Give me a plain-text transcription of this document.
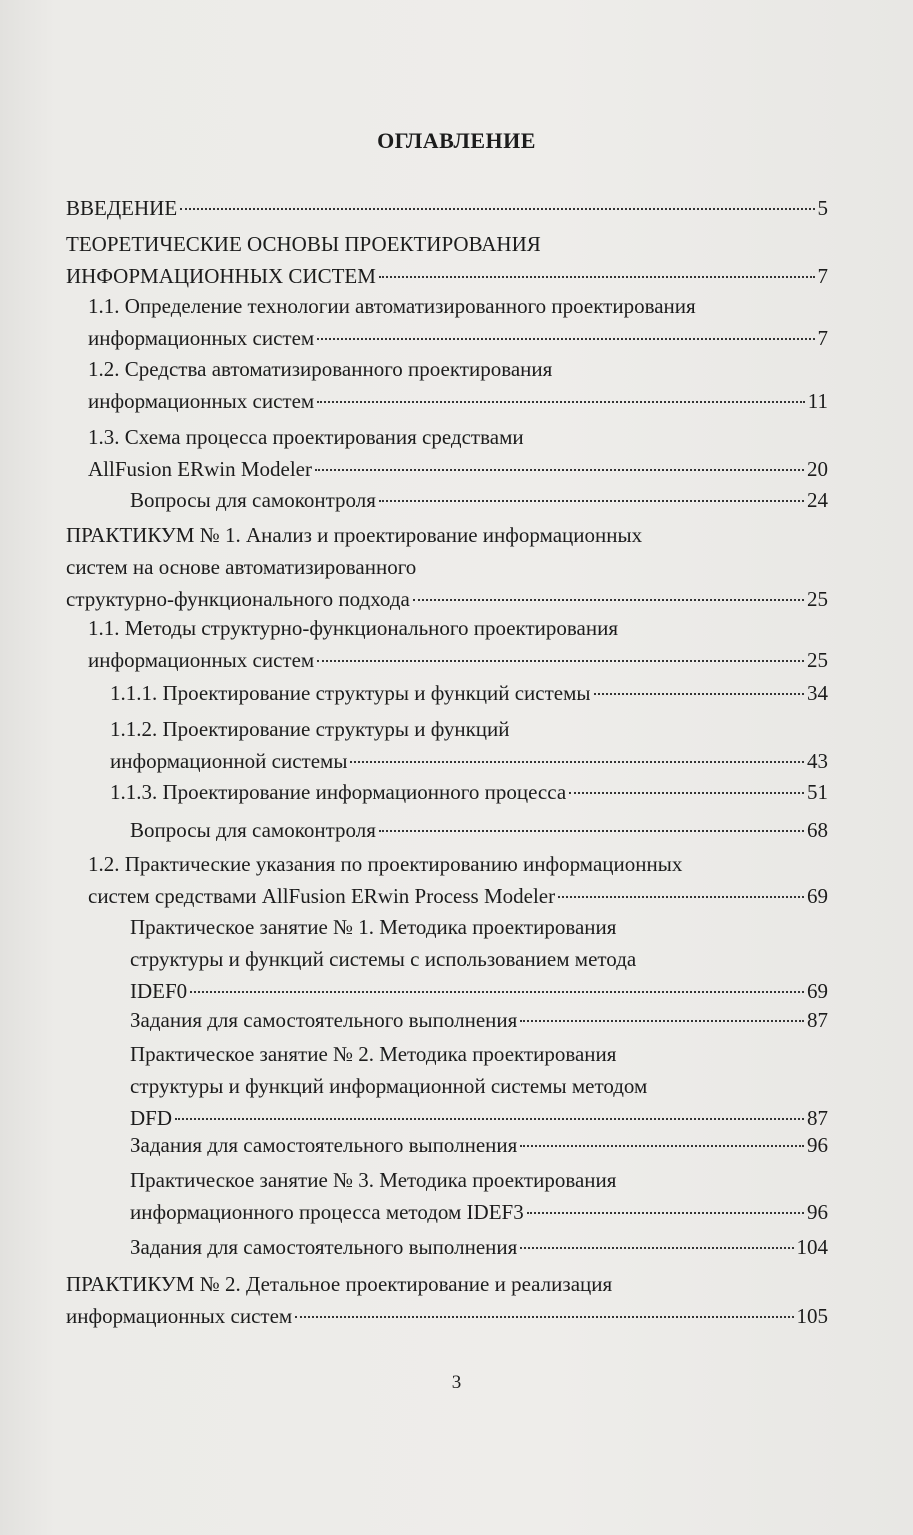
ОГЛАВЛЕНИЕ
ВВЕДЕНИЕ	5
ТЕОРЕТИЧЕСКИЕ ОСНОВЫ ПРОЕКТИРОВАНИЯ
ИНФОРМАЦИОННЫХ СИСТЕМ	7
1.1. Определение технологии автоматизированного проектирования
информационных систем	7
1.2. Средства автоматизированного проектирования
информационных систем	11
1.3. Схема процесса проектирования средствами
AllFusion ERwin Modeler	20
Вопросы для самоконтроля	24
ПРАКТИКУМ № 1. Анализ и проектирование информационных
систем на основе автоматизированного
структурно-функционального подхода	25
1.1. Методы структурно-функционального проектирования
информационных систем	25
1.1.1. Проектирование структуры и функций системы	34
1.1.2. Проектирование структуры и функций
информационной системы	43
1.1.3. Проектирование информационного процесса	51
Вопросы для самоконтроля	68
1.2. Практические указания по проектированию информационных
систем средствами AllFusion ERwin Process Modeler	69
Практическое занятие № 1. Методика проектирования
структуры и функций системы с использованием метода
IDEF0	69
Задания для самостоятельного выполнения	87
Практическое занятие № 2. Методика проектирования
структуры и функций информационной системы методом
DFD	87
Задания для самостоятельного выполнения	96
Практическое занятие № 3. Методика проектирования
информационного процесса методом IDEF3	96
Задания для самостоятельного выполнения	104
ПРАКТИКУМ № 2. Детальное проектирование и реализация
информационных систем	105
3
